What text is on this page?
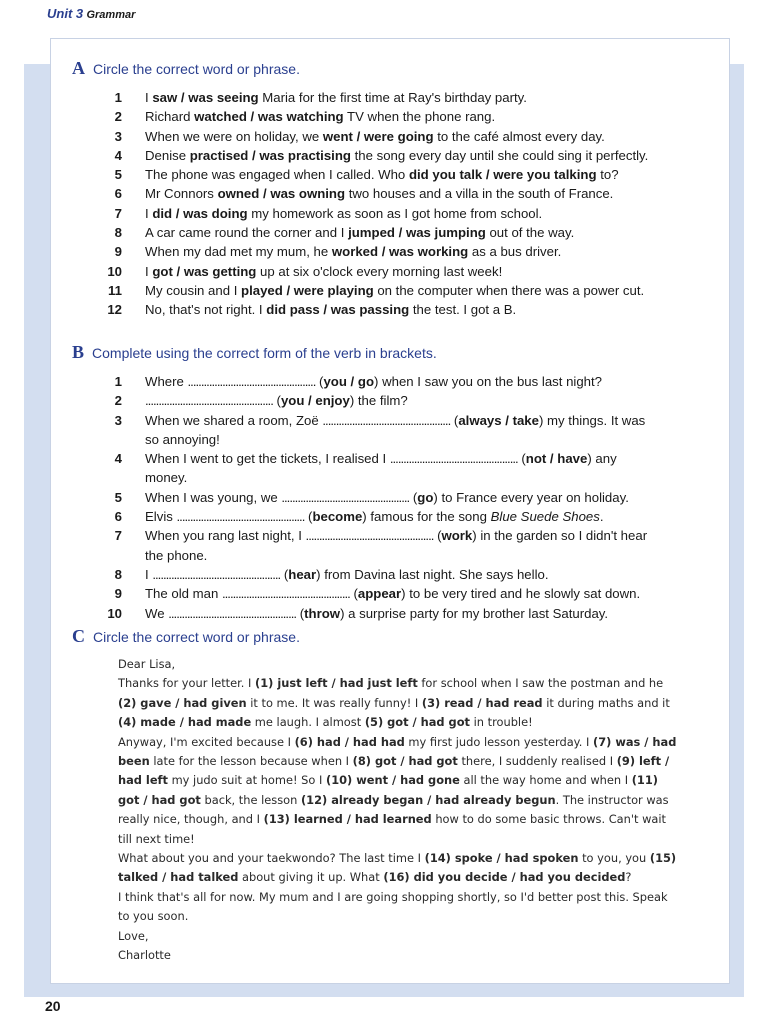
Unit 3 Grammar
A Circle the correct word or phrase.
1	I saw / was seeing Maria for the first time at Ray's birthday party.
2	Richard watched / was watching TV when the phone rang.
3	When we were on holiday, we went / were going to the café almost every day.
4	Denise practised / was practising the song every day until she could sing it perfectly.
5	The phone was engaged when I called. Who did you talk / were you talking to?
6	Mr Connors owned / was owning two houses and a villa in the south of France.
7	I did / was doing my homework as soon as I got home from school.
8	A car came round the corner and I jumped / was jumping out of the way.
9	When my dad met my mum, he worked / was working as a bus driver.
10	I got / was getting up at six o'clock every morning last week!
11	My cousin and I played / were playing on the computer when there was a power cut.
12	No, that's not right. I did pass / was passing the test. I got a B.
B Complete using the correct form of the verb in brackets.
1	Where ................................................ (you / go) when I saw you on the bus last night?
2	................................................ (you / enjoy) the film?
3	When we shared a room, Zoë ................................................ (always / take) my things. It was so annoying!
4	When I went to get the tickets, I realised I ................................................ (not / have) any money.
5	When I was young, we ................................................ (go) to France every year on holiday.
6	Elvis ................................................ (become) famous for the song Blue Suede Shoes.
7	When you rang last night, I ................................................ (work) in the garden so I didn't hear the phone.
8	I ................................................ (hear) from Davina last night. She says hello.
9	The old man ................................................ (appear) to be very tired and he slowly sat down.
10	We ................................................ (throw) a surprise party for my brother last Saturday.
C Circle the correct word or phrase.

Dear Lisa,

Thanks for your letter. I (1) just left / had just left for school when I saw the postman and he (2) gave / had given it to me. It was really funny! I (3) read / had read it during maths and it (4) made / had made me laugh. I almost (5) got / had got in trouble!

Anyway, I'm excited because I (6) had / had had my first judo lesson yesterday. I (7) was / had been late for the lesson because when I (8) got / had got there, I suddenly realised I (9) left / had left my judo suit at home! So I (10) went / had gone all the way home and when I (11) got / had got back, the lesson (12) already began / had already begun. The instructor was really nice, though, and I (13) learned / had learned how to do some basic throws. Can't wait till next time!

What about you and your taekwondo? The last time I (14) spoke / had spoken to you, you (15) talked / had talked about giving it up. What (16) did you decide / had you decided?

I think that's all for now. My mum and I are going shopping shortly, so I'd better post this. Speak to you soon.

Love,

Charlotte

20
